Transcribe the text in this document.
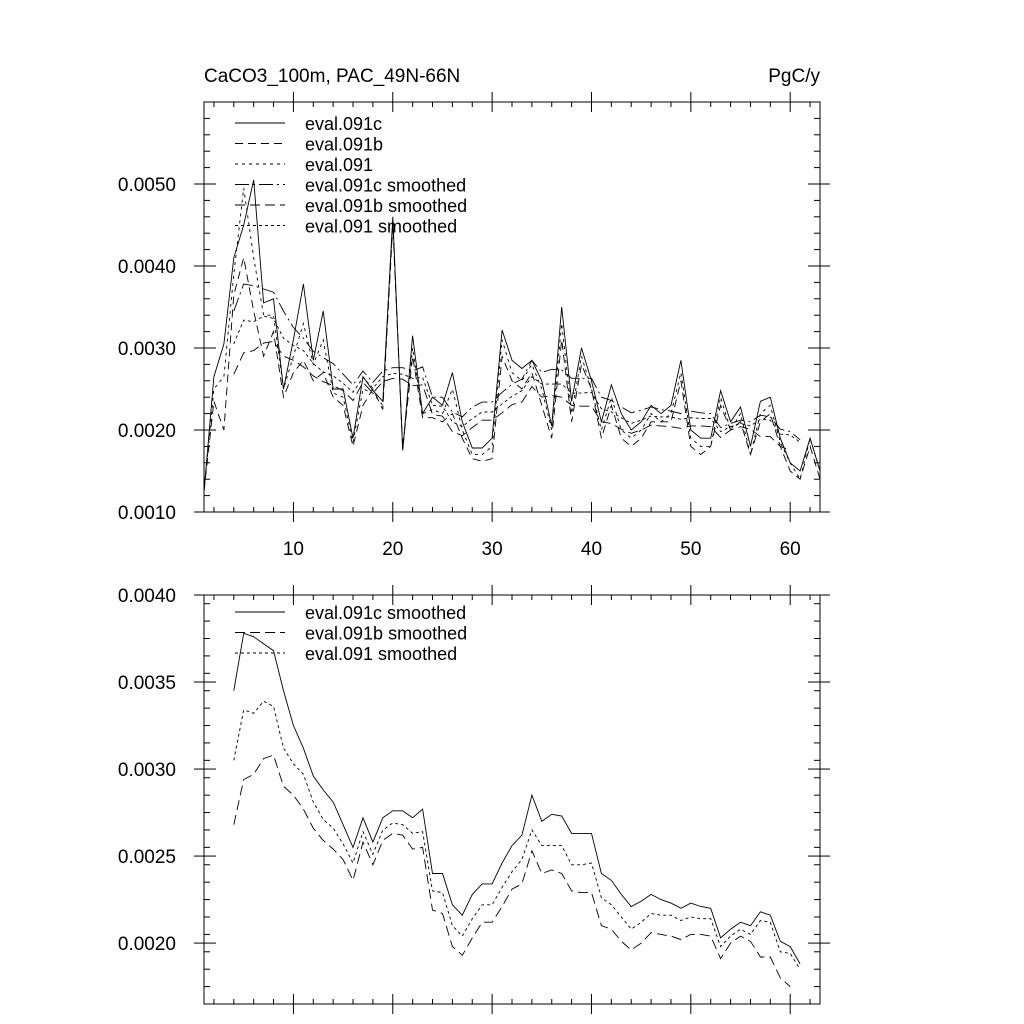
CaCO3_100m, PAC_49N-66N	PgC/y
10	20	30	40	50	60
0.0010
0.0020
0.0030
0.0040
0.0050
eval.091c
eval.091b
eval.091
eval.091c smoothed
eval.091b smoothed
eval.091 smoothed
0.0020
0.0025
0.0030
0.0035
0.0040
eval.091c smoothed
eval.091b smoothed
eval.091 smoothed
